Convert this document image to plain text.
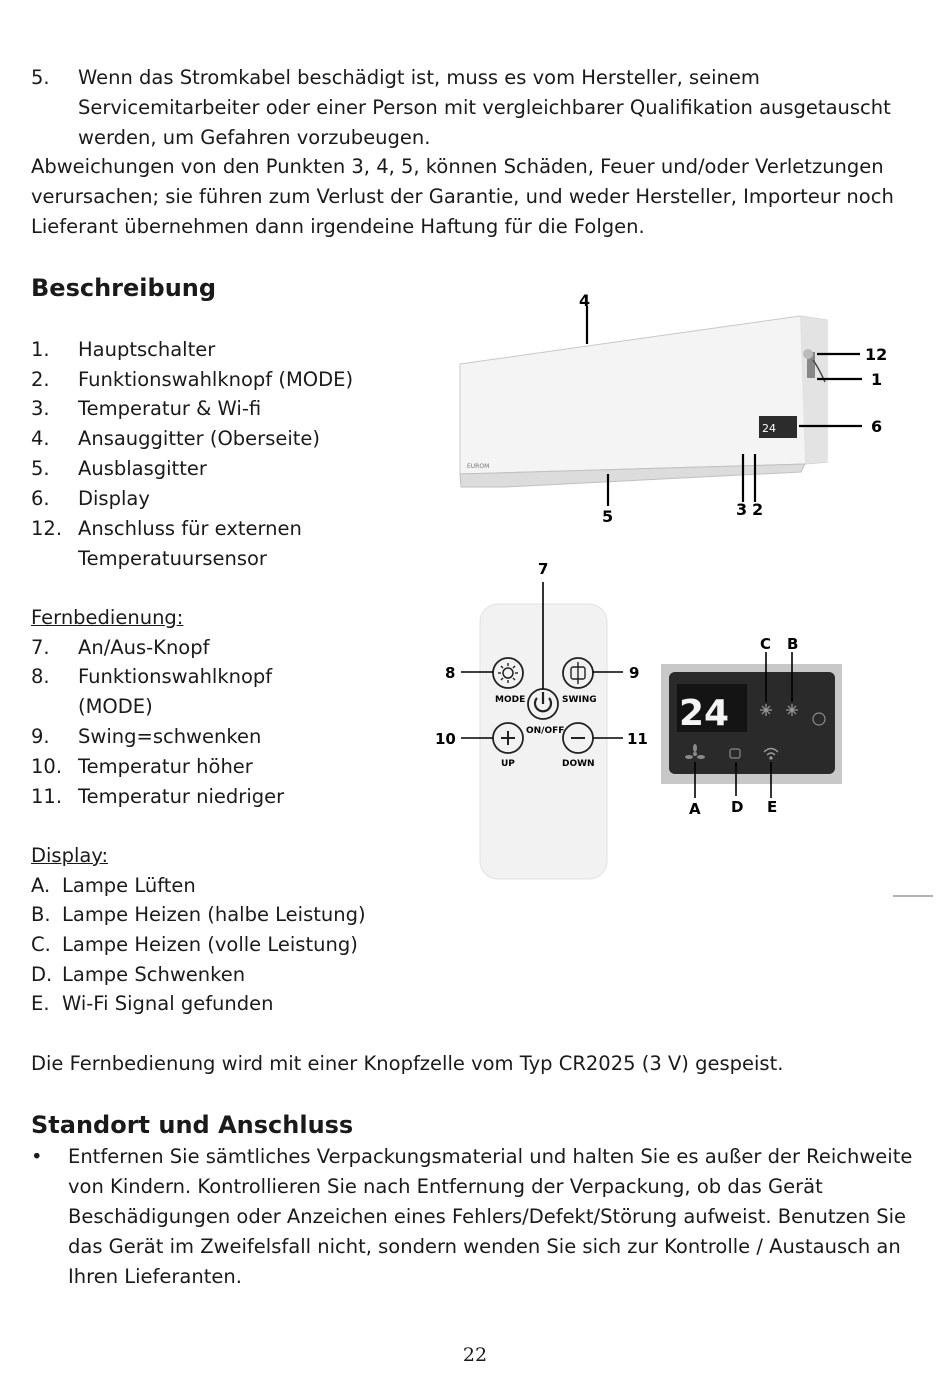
5. Wenn das Stromkabel beschädigt ist, muss es vom Hersteller, seinem
Servicemitarbeiter oder einer Person mit vergleichbarer Qualifikation ausgetauscht
werden, um Gefahren vorzubeugen.
Abweichungen von den Punkten 3, 4, 5, können Schäden, Feuer und/oder Verletzungen
verursachen; sie führen zum Verlust der Garantie, und weder Hersteller, Importeur noch
Lieferant übernehmen dann irgendeine Haftung für die Folgen.
Beschreibung
1. Hauptschalter
2. Funktionswahlknopf (MODE)
3. Temperatur & Wi-fi
4. Ansauggitter (Oberseite)
5. Ausblasgitter
6. Display
12. Anschluss für externen
Temperatuursensor
Fernbedienung:
7. An/Aus-Knopf
8. Funktionswahlknopf
(MODE)
9. Swing=schwenken
10. Temperatur höher
11. Temperatur niedriger
Display:
A. Lampe Lüften
B. Lampe Heizen (halbe Leistung)
C. Lampe Heizen (volle Leistung)
D. Lampe Schwenken
E. Wi-Fi Signal gefunden
Die Fernbedienung wird mit einer Knopfzelle vom Typ CR2025 (3 V) gespeist.
24
EUROM
4
12
1
6
5	3 2
MODE	SWING
ON/OFF
UP	DOWN
7
8	9
10	11
24
C B
A D E
Standort und Anschluss
• Entfernen Sie sämtliches Verpackungsmaterial und halten Sie es außer der Reichweite
von Kindern. Kontrollieren Sie nach Entfernung der Verpackung, ob das Gerät
Beschädigungen oder Anzeichen eines Fehlers/Defekt/Störung aufweist. Benutzen Sie
das Gerät im Zweifelsfall nicht, sondern wenden Sie sich zur Kontrolle / Austausch an
Ihren Lieferanten.
22
